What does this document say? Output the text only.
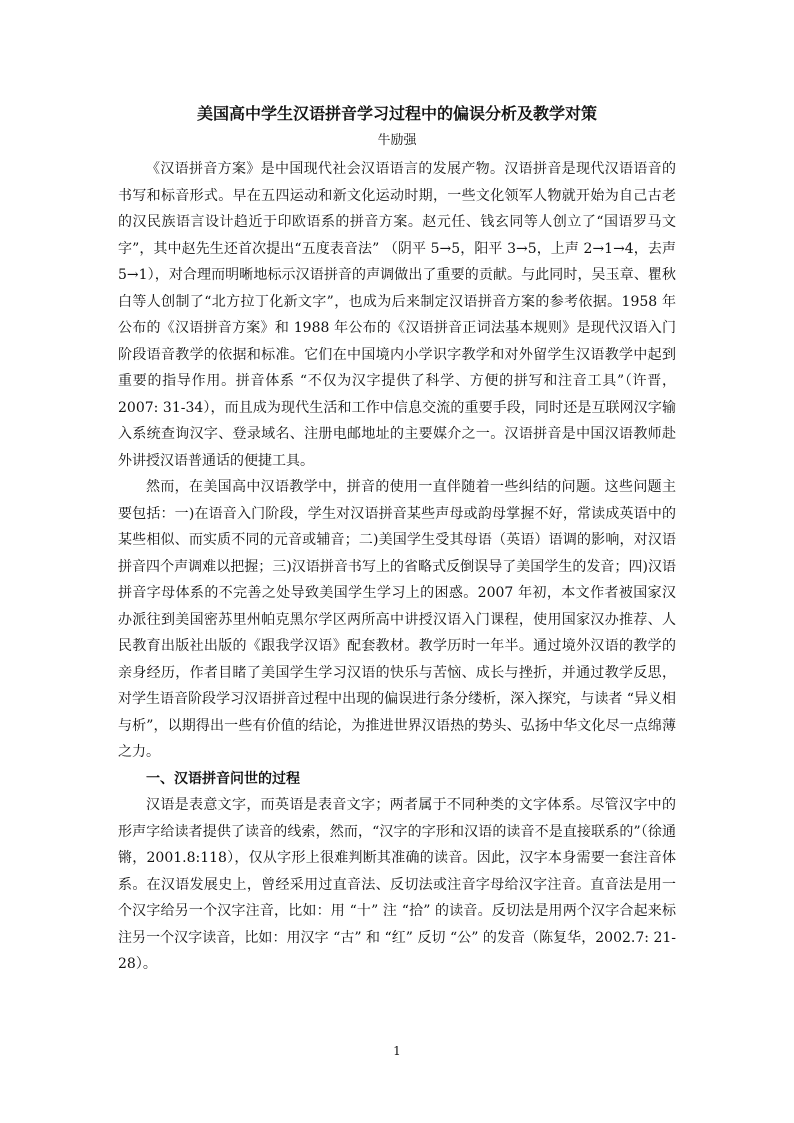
美国高中学生汉语拼音学习过程中的偏误分析及教学对策
牛励强

《汉语拼音方案》是中国现代社会汉语语言的发展产物。汉语拼音是现代汉语语音的书写和标音形式。早在五四运动和新文化运动时期，一些文化领军人物就开始为自己古老的汉民族语言设计趋近于印欧语系的拼音方案。赵元任、钱玄同等人创立了“国语罗马文字”，其中赵先生还首次提出“五度表音法” （阴平 5→5，阳平 3→5，上声 2→1→4，去声 5→1），对合理而明晰地标示汉语拼音的声调做出了重要的贡献。与此同时，吴玉章、瞿秋白等人创制了“北方拉丁化新文字”，也成为后来制定汉语拼音方案的参考依据。1958 年公布的《汉语拼音方案》和 1988 年公布的《汉语拼音正词法基本规则》是现代汉语入门阶段语音教学的依据和标准。它们在中国境内小学识字教学和对外留学生汉语教学中起到重要的指导作用。拼音体系 “不仅为汉字提供了科学、方便的拼写和注音工具”（许晋，2007: 31-34），而且成为现代生活和工作中信息交流的重要手段，同时还是互联网汉字输入系统查询汉字、登录域名、注册电邮地址的主要媒介之一。汉语拼音是中国汉语教师赴外讲授汉语普通话的便捷工具。

然而，在美国高中汉语教学中，拼音的使用一直伴随着一些纠结的问题。这些问题主要包括：一)在语音入门阶段，学生对汉语拼音某些声母或韵母掌握不好，常读成英语中的某些相似、而实质不同的元音或辅音；二)美国学生受其母语（英语）语调的影响，对汉语拼音四个声调难以把握；三)汉语拼音书写上的省略式反倒误导了美国学生的发音；四)汉语拼音字母体系的不完善之处导致美国学生学习上的困惑。2007 年初，本文作者被国家汉办派往到美国密苏里州帕克黑尔学区两所高中讲授汉语入门课程，使用国家汉办推荐、人民教育出版社出版的《跟我学汉语》配套教材。教学历时一年半。通过境外汉语的教学的亲身经历，作者目睹了美国学生学习汉语的快乐与苦恼、成长与挫折，并通过教学反思，对学生语音阶段学习汉语拼音过程中出现的偏误进行条分缕析，深入探究，与读者 “异义相与析”，以期得出一些有价值的结论，为推进世界汉语热的势头、弘扬中华文化尽一点绵薄之力。

一、汉语拼音问世的过程

汉语是表意文字，而英语是表音文字；两者属于不同种类的文字体系。尽管汉字中的形声字给读者提供了读音的线索，然而，“汉字的字形和汉语的读音不是直接联系的”（徐通锵，2001.8:118），仅从字形上很难判断其准确的读音。因此，汉字本身需要一套注音体系。在汉语发展史上，曾经采用过直音法、反切法或注音字母给汉字注音。直音法是用一个汉字给另一个汉字注音，比如：用 “十” 注 “拾” 的读音。反切法是用两个汉字合起来标注另一个汉字读音，比如：用汉字 “古” 和 “红” 反切 “公” 的发音（陈复华，2002.7: 21-28）。

1
